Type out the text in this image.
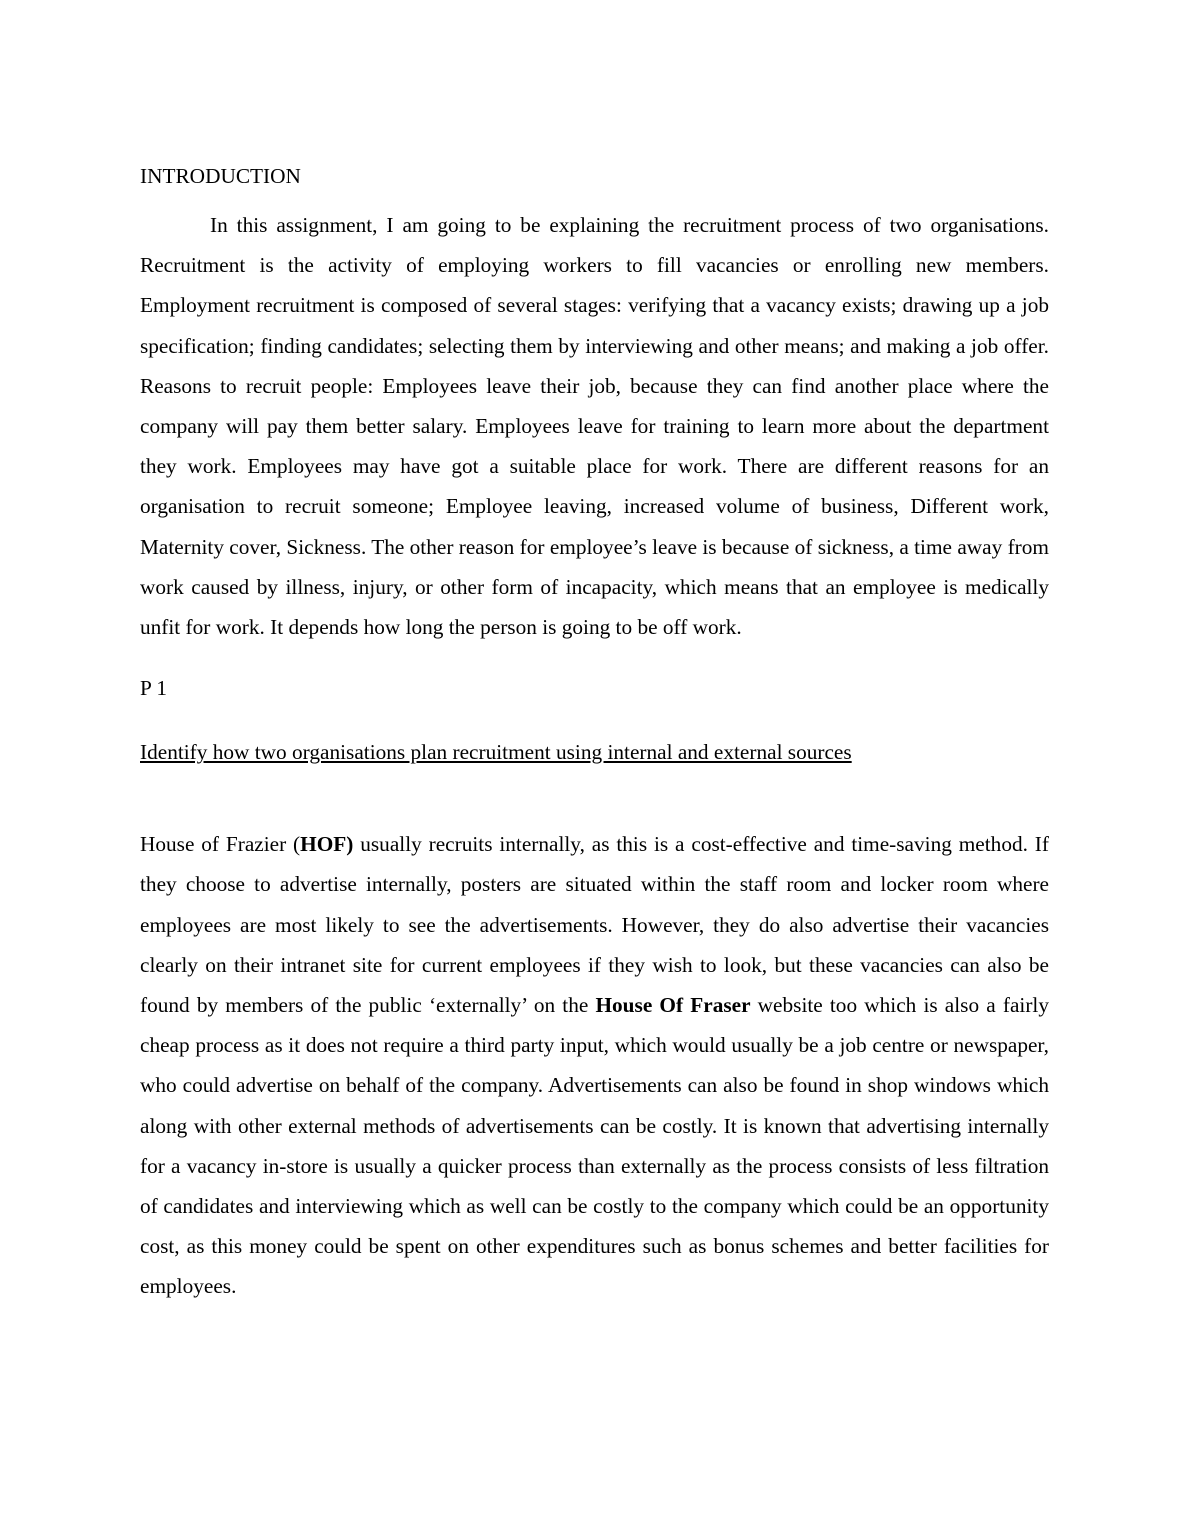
INTRODUCTION

In this assignment, I am going to be explaining the recruitment process of two organisations. Recruitment is the activity of employing workers to fill vacancies or enrolling new members. Employment recruitment is composed of several stages: verifying that a vacancy exists; drawing up a job specification; finding candidates; selecting them by interviewing and other means; and making a job offer. Reasons to recruit people: Employees leave their job, because they can find another place where the company will pay them better salary. Employees leave for training to learn more about the department they work. Employees may have got a suitable place for work. There are different reasons for an organisation to recruit someone; Employee leaving, increased volume of business, Different work, Maternity cover, Sickness. The other reason for employee’s leave is because of sickness, a time away from work caused by illness, injury, or other form of incapacity, which means that an employee is medically unfit for work. It depends how long the person is going to be off work.

P 1
Identify how two organisations plan recruitment using internal and external sources

House of Frazier (HOF) usually recruits internally, as this is a cost-effective and time-saving method. If they choose to advertise internally, posters are situated within the staff room and locker room where employees are most likely to see the advertisements. However, they do also advertise their vacancies clearly on their intranet site for current employees if they wish to look, but these vacancies can also be found by members of the public ‘externally’ on the House Of Fraser website too which is also a fairly cheap process as it does not require a third party input, which would usually be a job centre or newspaper, who could advertise on behalf of the company. Advertisements can also be found in shop windows which along with other external methods of advertisements can be costly. It is known that advertising internally for a vacancy in-store is usually a quicker process than externally as the process consists of less filtration of candidates and interviewing which as well can be costly to the company which could be an opportunity cost, as this money could be spent on other expenditures such as bonus schemes and better facilities for employees.
